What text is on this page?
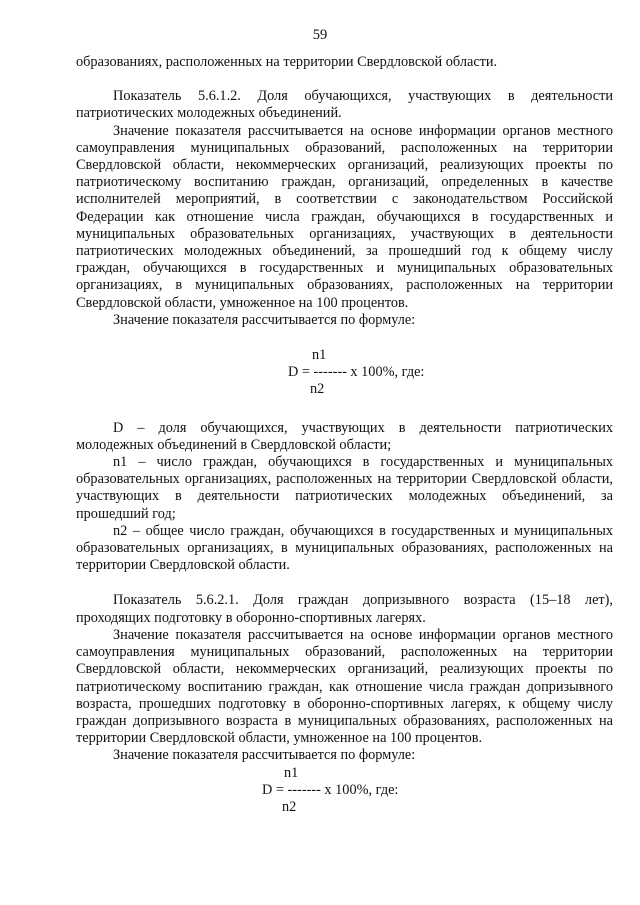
59

образованиях, расположенных на территории Свердловской области.

Показатель 5.6.1.2. Доля обучающихся, участвующих в деятельности патриотических молодежных объединений.

Значение показателя рассчитывается на основе информации органов местного самоуправления муниципальных образований, расположенных на территории Свердловской области, некоммерческих организаций, реализующих проекты по патриотическому воспитанию граждан, организаций, определенных в качестве исполнителей мероприятий, в соответствии с законодательством Российской Федерации как отношение числа граждан, обучающихся в государственных и муниципальных образовательных организациях, участвующих в деятельности патриотических молодежных объединений, за прошедший год к общему числу граждан, обучающихся в государственных и муниципальных образовательных организациях, в муниципальных образованиях, расположенных на территории Свердловской области, умноженное на 100 процентов.

Значение показателя рассчитывается по формуле:

n1
D = ------- x 100%, где:
n2

D – доля обучающихся, участвующих в деятельности патриотических молодежных объединений в Свердловской области;

n1 – число граждан, обучающихся в государственных и муниципальных образовательных организациях, расположенных на территории Свердловской области, участвующих в деятельности патриотических молодежных объединений, за прошедший год;

n2 – общее число граждан, обучающихся в государственных и муниципальных образовательных организациях, в муниципальных образованиях, расположенных на территории Свердловской области.

Показатель 5.6.2.1. Доля граждан допризывного возраста (15–18 лет), проходящих подготовку в оборонно-спортивных лагерях.

Значение показателя рассчитывается на основе информации органов местного самоуправления муниципальных образований, расположенных на территории Свердловской области, некоммерческих организаций, реализующих проекты по патриотическому воспитанию граждан, как отношение числа граждан допризывного возраста, прошедших подготовку в оборонно-спортивных лагерях, к общему числу граждан допризывного возраста в муниципальных образованиях, расположенных на территории Свердловской области, умноженное на 100 процентов.

Значение показателя рассчитывается по формуле:

n1
D = ------- x 100%, где:
n2
